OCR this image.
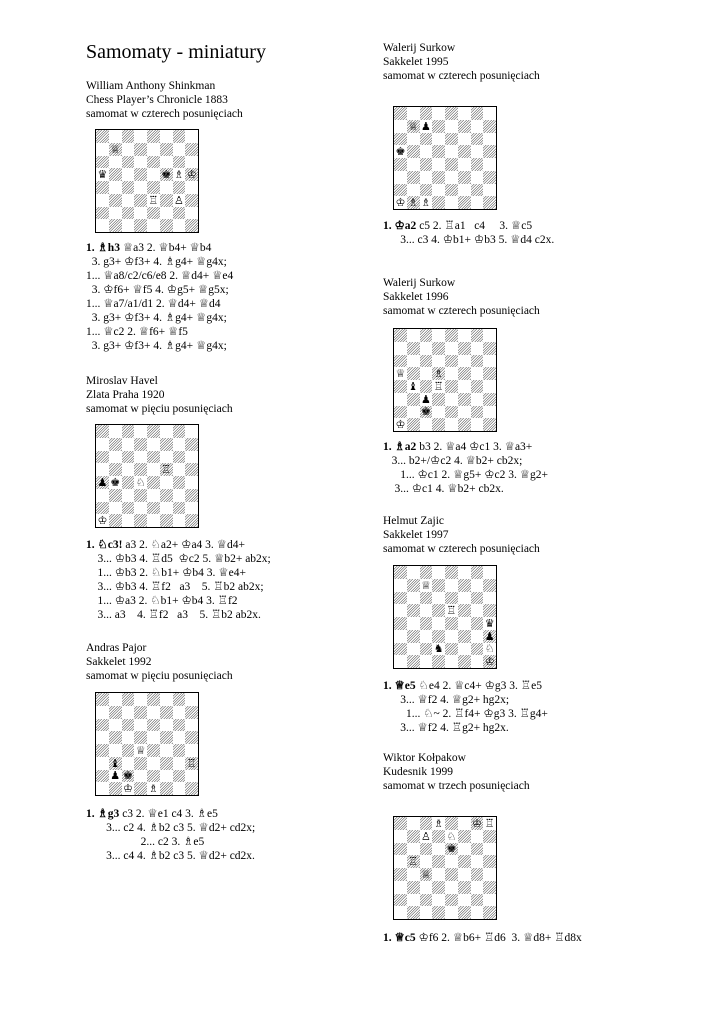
Samomaty - miniatury
William Anthony Shinkman
Chess Player’s Chronicle 1883
samomat w czterech posunięciach
♕
♛	♚ ♗ ♔
♖ ♙
1. ♗h3 ♕a3 2. ♕b4+ ♕b4
3. g3+ ♔f3+ 4. ♗g4+ ♕g4x;
1... ♕a8/c2/c6/e8 2. ♕d4+ ♕e4
3. ♔f6+ ♕f5 4. ♔g5+ ♕g5x;
1... ♕a7/a1/d1 2. ♕d4+ ♕d4
3. g3+ ♔f3+ 4. ♗g4+ ♕g4x;
1... ♕c2 2. ♕f6+ ♕f5
3. g3+ ♔f3+ 4. ♗g4+ ♕g4x;
Miroslav Havel
Zlata Praha 1920
samomat w pięciu posunięciach
♖
♟ ♚ ♘
♔
1. ♘c3! a3 2. ♘a2+ ♔a4 3. ♕d4+
3... ♔b3 4. ♖d5  ♔c2 5. ♕b2+ ab2x;
1... ♔b3 2. ♘b1+ ♔b4 3. ♕e4+
3... ♔b3 4. ♖f2   a3    5. ♖b2 ab2x;
1... ♔a3 2. ♘b1+ ♔b4 3. ♖f2
3... a3    4. ♖f2   a3    5. ♖b2 ab2x.
Andras Pajor
Sakkelet 1992
samomat w pięciu posunięciach
♕
♝	♖
♟ ♚
♔ ♗
1. ♗g3 c3 2. ♕e1 c4 3. ♗e5
3... c2 4. ♗b2 c3 5. ♕d2+ cd2x;
2... c2 3. ♗e5
3... c4 4. ♗b2 c3 5. ♕d2+ cd2x.
Walerij Surkow
Sakkelet 1995
samomat w czterech posunięciach
♕ ♟
♚
♔ ♗ ♗
1. ♔a2 c5 2. ♖a1   c4     3. ♕c5
3... c3 4. ♔b1+ ♔b3 5. ♕d4 c2x.
Walerij Surkow
Sakkelet 1996
samomat w czterech posunięciach
♕	♗
♝ ♖
♟
♚
♔
1. ♗a2 b3 2. ♕a4 ♔c1 3. ♕a3+
3... b2+/♔c2 4. ♕b2+ cb2x;
1... ♔c1 2. ♕g5+ ♔c2 3. ♕g2+
3... ♔c1 4. ♕b2+ cb2x.
Helmut Zajic
Sakkelet 1997
samomat w czterech posunięciach
♕
♖
♛
♟
♞	♘
♔
1. ♕e5 ♘e4 2. ♕c4+ ♔g3 3. ♖e5
3... ♕f2 4. ♕g2+ hg2x;
1... ♘~ 2. ♖f4+ ♔g3 3. ♖g4+
3... ♕f2 4. ♖g2+ hg2x.
Wiktor Kołpakow
Kudesnik 1999
samomat w trzech posunięciach
♗	♔ ♖
♙ ♘
♚
♖
♕
1. ♕c5 ♔f6 2. ♕b6+ ♖d6  3. ♕d8+ ♖d8x
